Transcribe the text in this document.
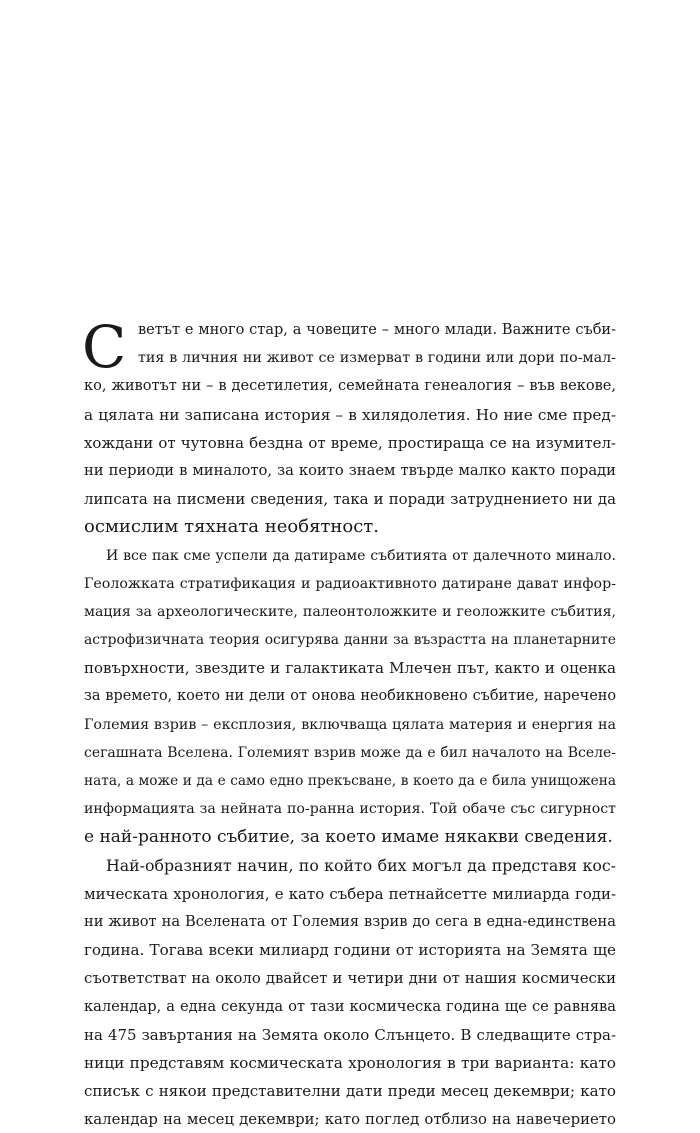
С ветът е много стар, а човеците – много млади. Важните съби-
тия в личния ни живот се измерват в години или дори по-мал-
ко, животът ни – в десетилетия, семейната генеалогия – във векове,
а цялата ни записана история – в хилядолетия. Но ние сме пред-
хождани от чутовна бездна от време, простираща се на изумител-
ни периоди в миналото, за които знаем твърде малко както поради
липсата на писмени сведения, така и поради затруднението ни да
осмислим тяхната необятност.
И все пак сме успели да датираме събитията от далечното минало.
Геоложката стратификация и радиоактивното датиране дават инфор-
мация за археологическите, палеонтоложките и геоложките събития,
астрофизичната теория осигурява данни за възрастта на планетарните
повърхности, звездите и галактиката Млечен път, както и оценка
за времето, което ни дели от онова необикновено събитие, наречено
Големия взрив – експлозия, включваща цялата материя и енергия на
сегашната Вселена. Големият взрив може да е бил началото на Вселе-
ната, а може и да е само едно прекъсване, в което да е била унищожена
информацията за нейната по-ранна история. Той обаче със сигурност
е най-ранното събитие, за което имаме някакви сведения.
Най-образният начин, по който бих могъл да представя кос-
мическата хронология, е като събера петнайсетте милиарда годи-
ни живот на Вселената от Големия взрив до сега в една-единствена
година. Тогава всеки милиард години от историята на Земята ще
съответстват на около двайсет и четири дни от нашия космически
календар, а една секунда от тази космическа година ще се равнява
на 475 завъртания на Земята около Слънцето. В следващите стра-
ници представям космическата хронология в три варианта: като
списък с някои представителни дати преди месец декември; като
календар на месец декември; като поглед отблизо на навечерието
